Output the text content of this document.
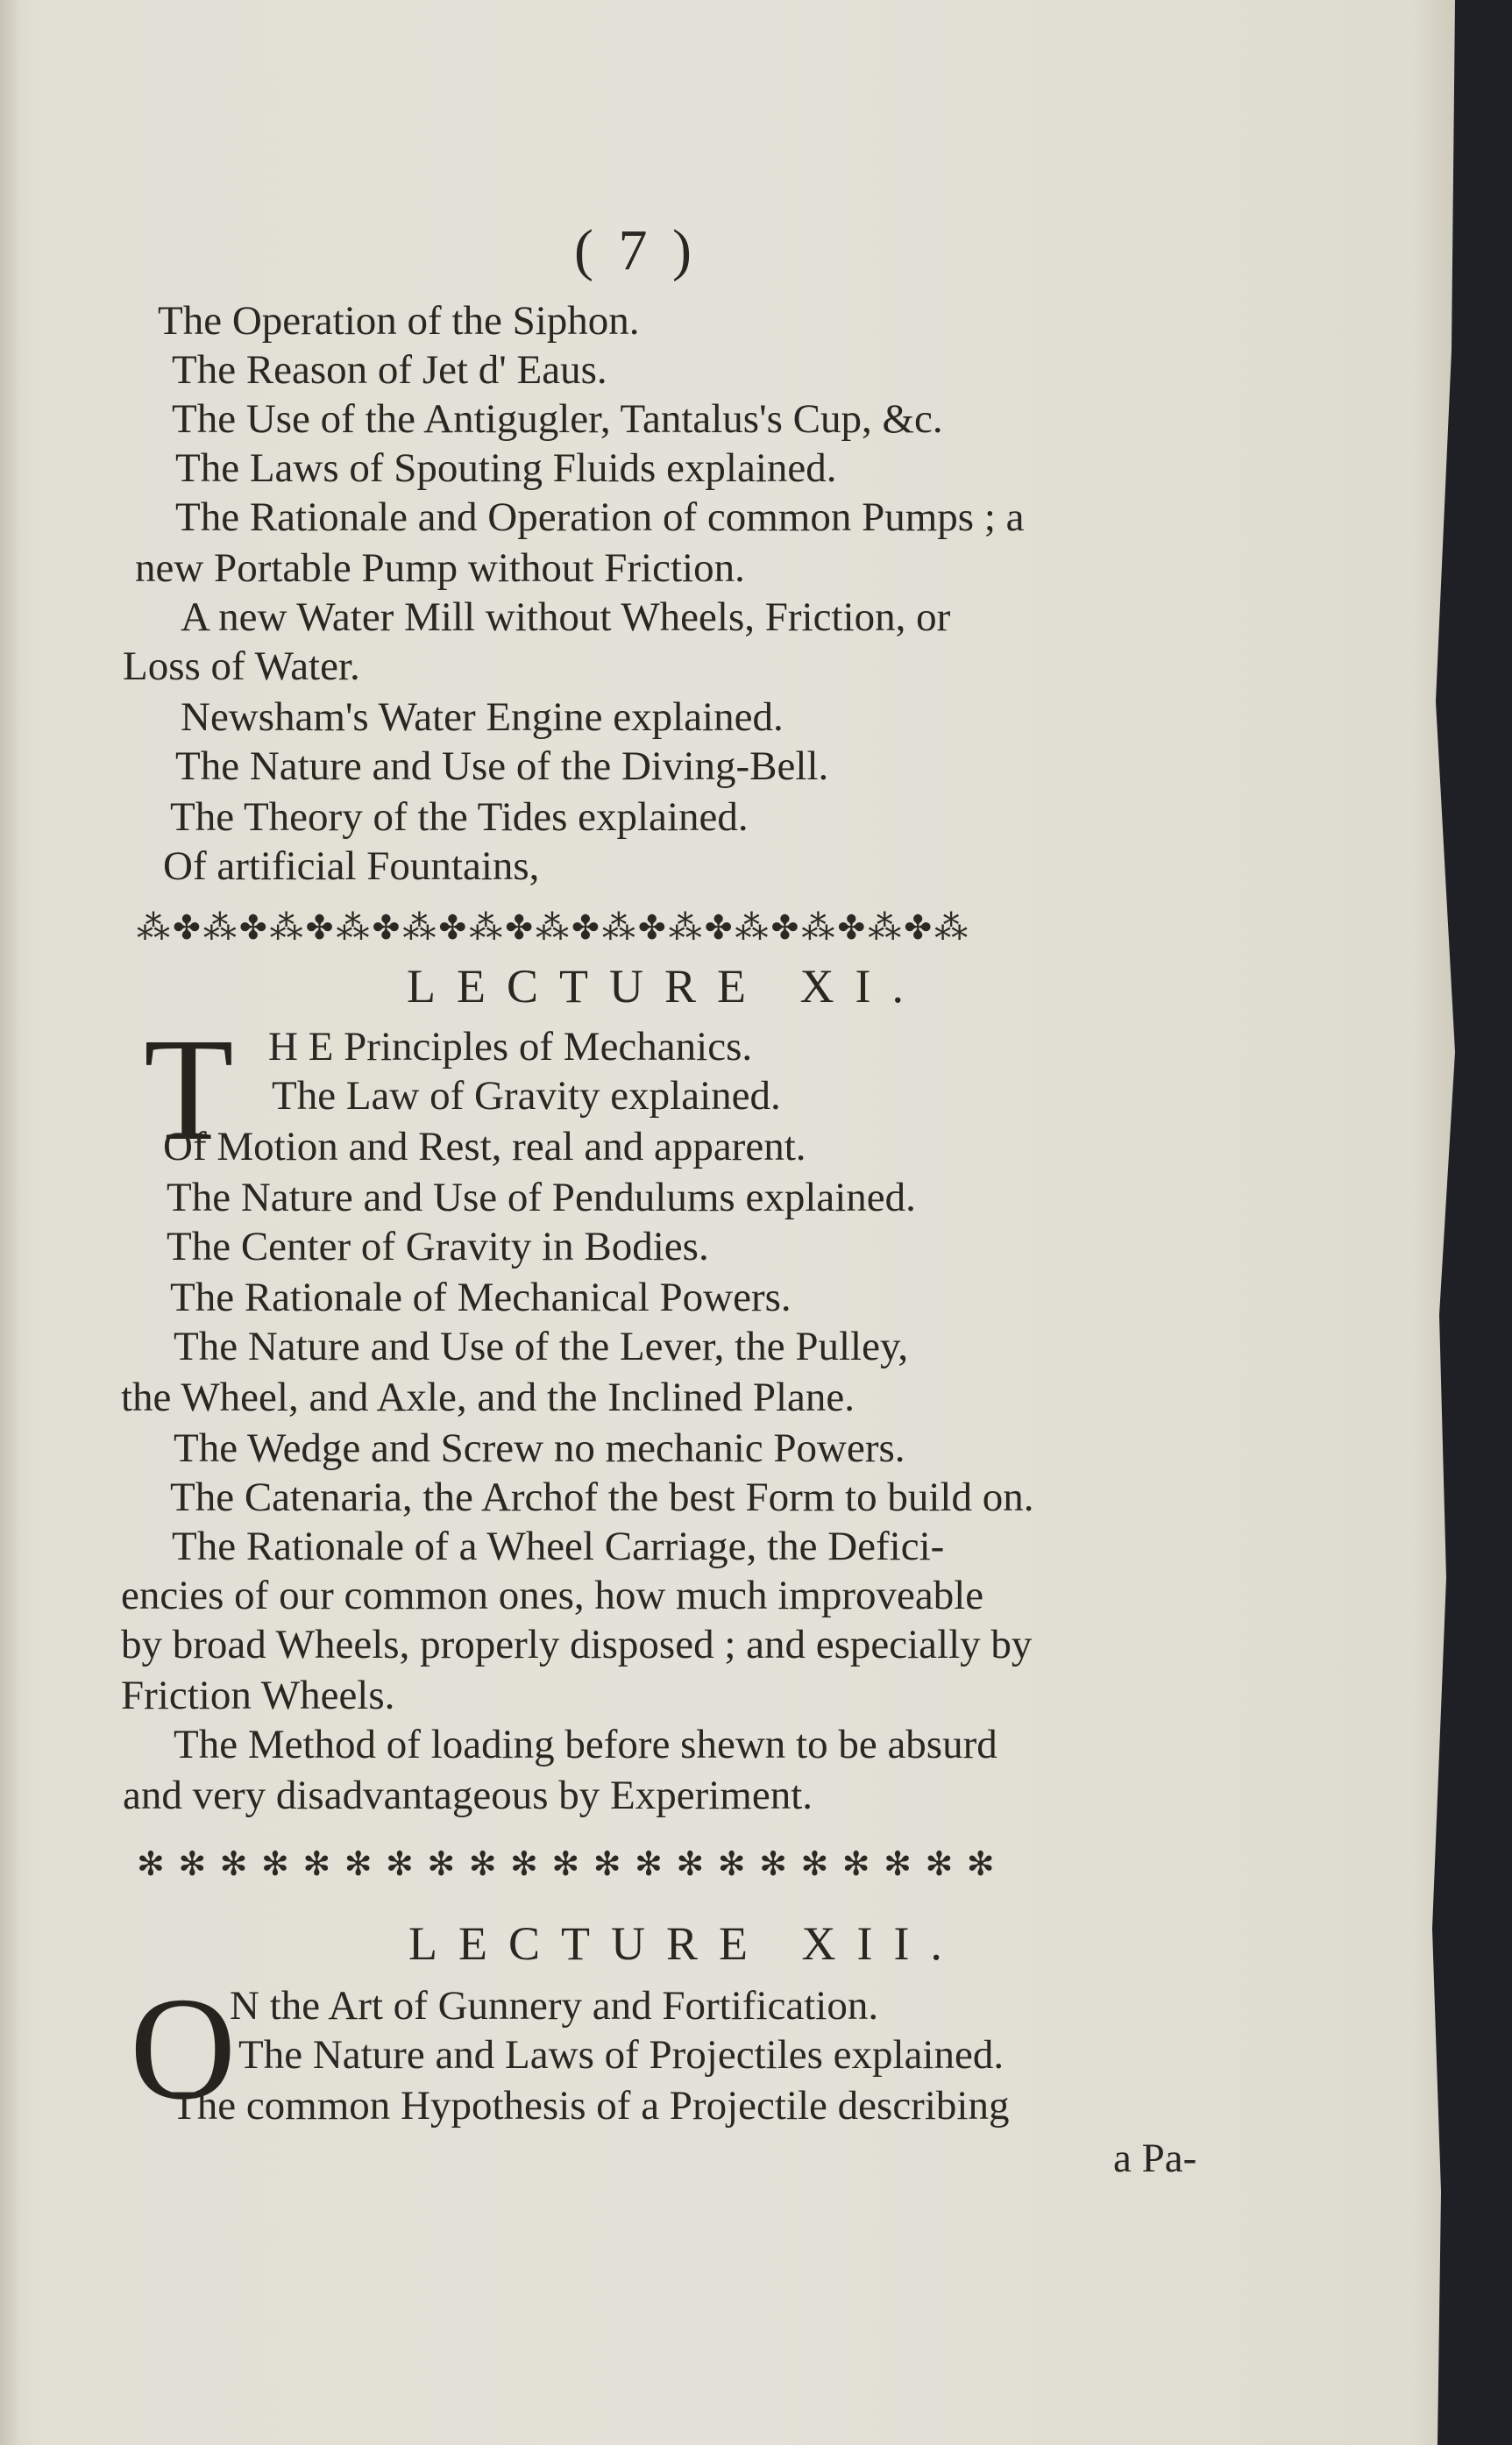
( 7 )
The Operation of the Siphon.
The Reason of Jet d' Eaus.
The Use of the Antigugler, Tantalus's Cup, &c.
The Laws of Spouting Fluids explained.
The Rationale and Operation of common Pumps ; a
new Portable Pump without Friction.
A new Water Mill without Wheels, Friction, or
Loss of Water.
Newsham's Water Engine explained.
The Nature and Use of the Diving-Bell.
The Theory of the Tides explained.
Of artificial Fountains,
⁂✤⁂✤⁂✤⁂✤⁂✤⁂✤⁂✤⁂✤⁂✤⁂✤⁂✤⁂✤⁂
LECTURE XI.
T H E Principles of Mechanics.
The Law of Gravity explained.
Of Motion and Rest, real and apparent.
The Nature and Use of Pendulums explained.
The Center of Gravity in Bodies.
The Rationale of Mechanical Powers.
The Nature and Use of the Lever, the Pulley,
the Wheel, and Axle, and the Inclined Plane.
The Wedge and Screw no mechanic Powers.
The Catenaria, the Archof the best Form to build on.
The Rationale of a Wheel Carriage, the Defici-
encies of our common ones, how much improveable
by broad Wheels, properly disposed ; and especially by
Friction Wheels.
The Method of loading before shewn to be absurd
and very disadvantageous by Experiment.
✻ ✻ ✻ ✻ ✻ ✻ ✻ ✻ ✻ ✻ ✻ ✻ ✻ ✻ ✻ ✻ ✻ ✻ ✻ ✻ ✻
LECTURE XII.
O
N the Art of Gunnery and Fortification.
The Nature and Laws of Projectiles explained.
The common Hypothesis of a Projectile describing
a Pa-
